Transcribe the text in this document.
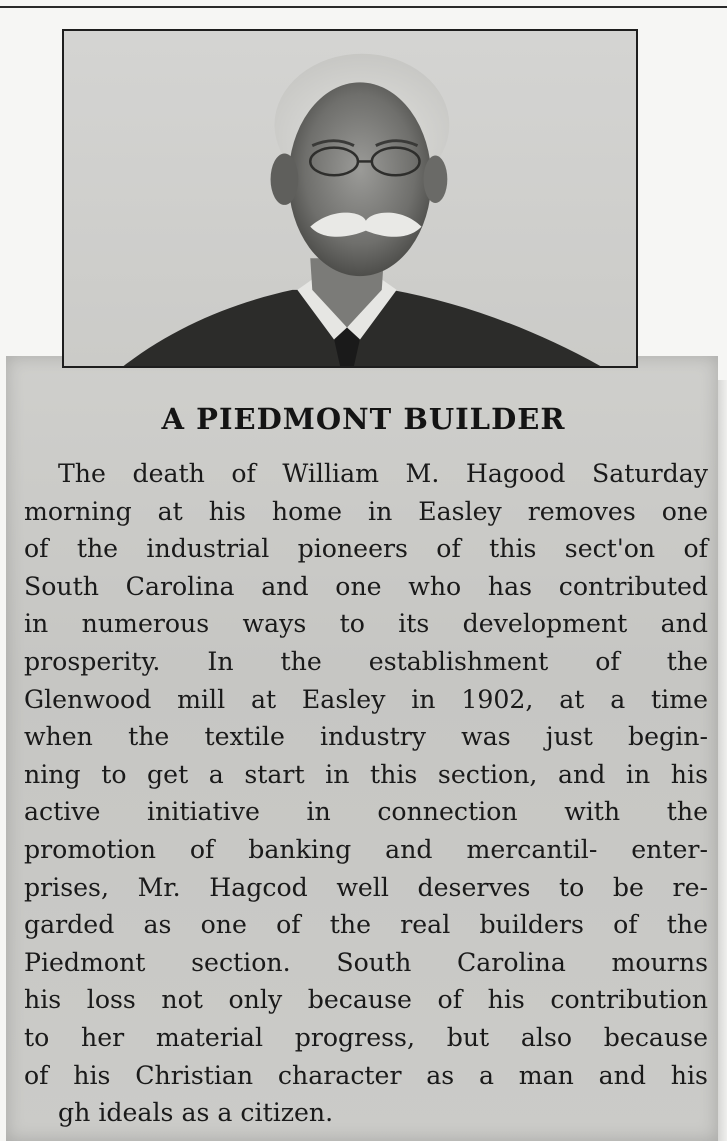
A PIEDMONT BUILDER
The death of William M. Hagood Saturday
morning at his home in Easley removes one
of the industrial pioneers of this sect'on of
South Carolina and one who has contributed
in numerous ways to its development and
prosperity. In the establishment of the
Glenwood mill at Easley in 1902, at a time
when the textile industry was just begin-
ning to get a start in this section, and in his
active initiative in connection with the
promotion of banking and mercantil- enter-
prises, Mr. Hagcod well deserves to be re-
garded as one of the real builders of the
Piedmont section. South Carolina mourns
his loss not only because of his contribution
to her material progress, but also because
of his Christian character as a man and his
gh ideals as a citizen.
